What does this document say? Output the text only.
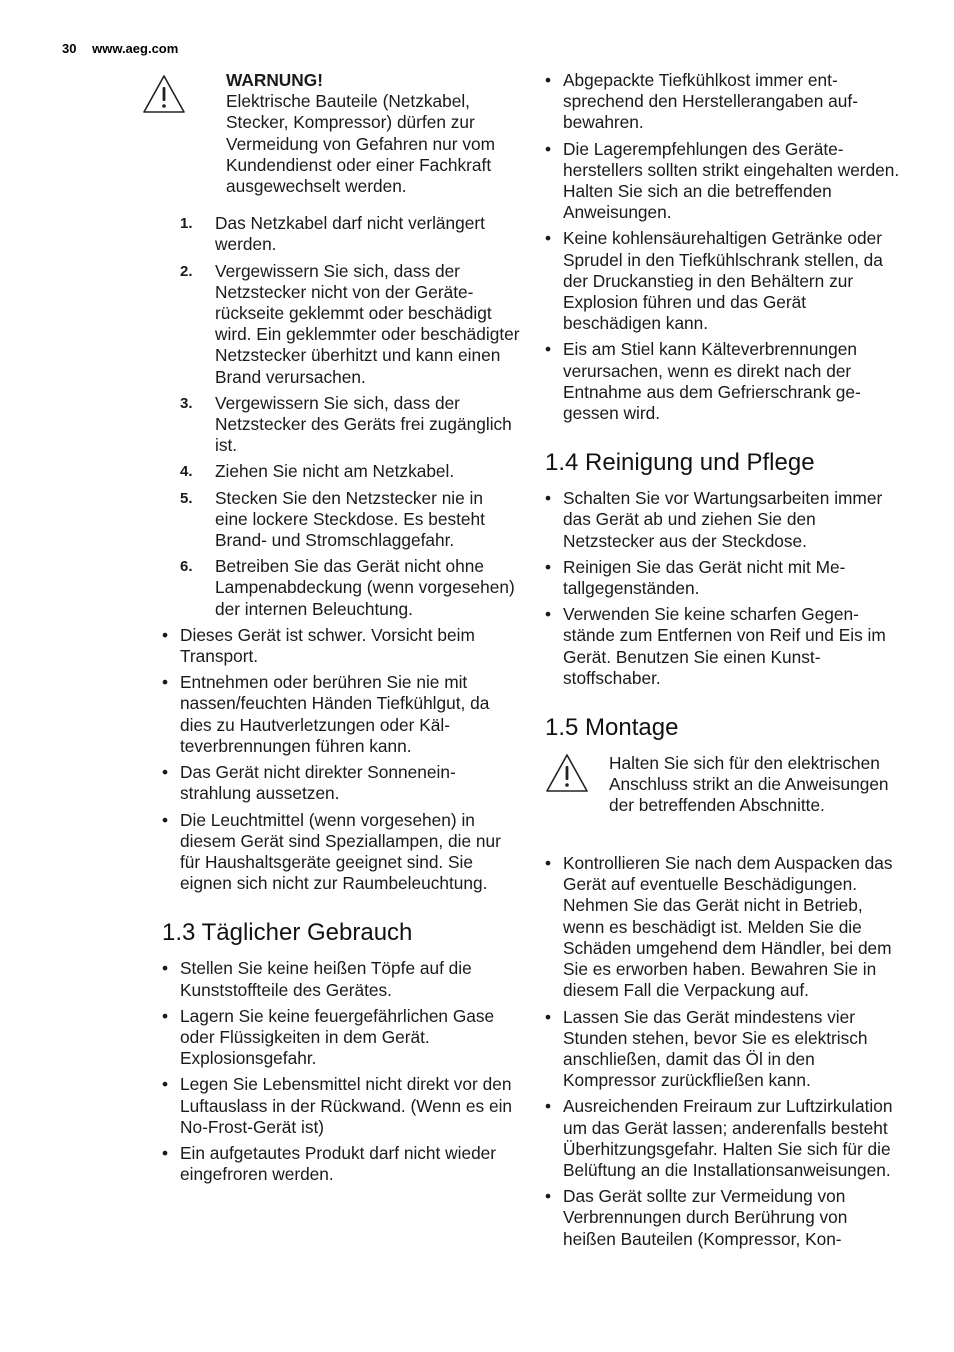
30 www.aeg.com

WARNUNG!

Elektrische Bauteile (Netzkabel, Stecker, Kompressor) dürfen zur Vermeidung von Gefahren nur vom Kundendienst oder einer Fachkraft ausgewechselt werden.

1. Das Netzkabel darf nicht verlängert werden.
2. Vergewissern Sie sich, dass der Netzstecker nicht von der Geräterückseite geklemmt oder beschädigt wird. Ein geklemmter oder beschädigter Netzstecker überhitzt und kann einen Brand verursachen.
3. Vergewissern Sie sich, dass der Netzstecker des Geräts frei zugänglich ist.
4. Ziehen Sie nicht am Netzkabel.
5. Stecken Sie den Netzstecker nie in eine lockere Steckdose. Es besteht Brand- und Stromschlaggefahr.
6. Betreiben Sie das Gerät nicht ohne Lampenabdeckung (wenn vorgesehen) der internen Beleuchtung.
• Dieses Gerät ist schwer. Vorsicht beim Transport.
• Entnehmen oder berühren Sie nie mit nassen/feuchten Händen Tiefkühlgut, da dies zu Hautverletzungen oder Kälteverbrennungen führen kann.
• Das Gerät nicht direkter Sonneneinstrahlung aussetzen.
• Die Leuchtmittel (wenn vorgesehen) in diesem Gerät sind Speziallampen, die nur für Haushaltsgeräte geeignet sind. Sie eignen sich nicht zur Raumbeleuchtung.
1.3 Täglicher Gebrauch
• Stellen Sie keine heißen Töpfe auf die Kunststoffteile des Gerätes.
• Lagern Sie keine feuergefährlichen Gase oder Flüssigkeiten in dem Gerät. Explosionsgefahr.
• Legen Sie Lebensmittel nicht direkt vor den Luftauslass in der Rückwand. (Wenn es ein No-Frost-Gerät ist)
• Ein aufgetautes Produkt darf nicht wieder eingefroren werden.
• Abgepackte Tiefkühlkost immer entsprechend den Herstellerangaben aufbewahren.
• Die Lagerempfehlungen des Geräteherstellers sollten strikt eingehalten werden. Halten Sie sich an die betreffenden Anweisungen.
• Keine kohlensäurehaltigen Getränke oder Sprudel in den Tiefkühlschrank stellen, da der Druckanstieg in den Behältern zur Explosion führen und das Gerät beschädigen kann.
• Eis am Stiel kann Kälteverbrennungen verursachen, wenn es direkt nach der Entnahme aus dem Gefrierschrank gegessen wird.
1.4 Reinigung und Pflege
• Schalten Sie vor Wartungsarbeiten immer das Gerät ab und ziehen Sie den Netzstecker aus der Steckdose.
• Reinigen Sie das Gerät nicht mit Metallgegenständen.
• Verwenden Sie keine scharfen Gegenstände zum Entfernen von Reif und Eis im Gerät. Benutzen Sie einen Kunststoffschaber.
1.5 Montage

Halten Sie sich für den elektrischen Anschluss strikt an die Anweisungen der betreffenden Abschnitte.

• Kontrollieren Sie nach dem Auspacken das Gerät auf eventuelle Beschädigungen. Nehmen Sie das Gerät nicht in Betrieb, wenn es beschädigt ist. Melden Sie die Schäden umgehend dem Händler, bei dem Sie es erworben haben. Bewahren Sie in diesem Fall die Verpackung auf.
• Lassen Sie das Gerät mindestens vier Stunden stehen, bevor Sie es elektrisch anschließen, damit das Öl in den Kompressor zurückfließen kann.
• Ausreichenden Freiraum zur Luftzirkulation um das Gerät lassen; anderenfalls besteht Überhitzungsgefahr. Halten Sie sich für die Belüftung an die Installationsanweisungen.
• Das Gerät sollte zur Vermeidung von Verbrennungen durch Berührung von heißen Bauteilen (Kompressor, Kon-
